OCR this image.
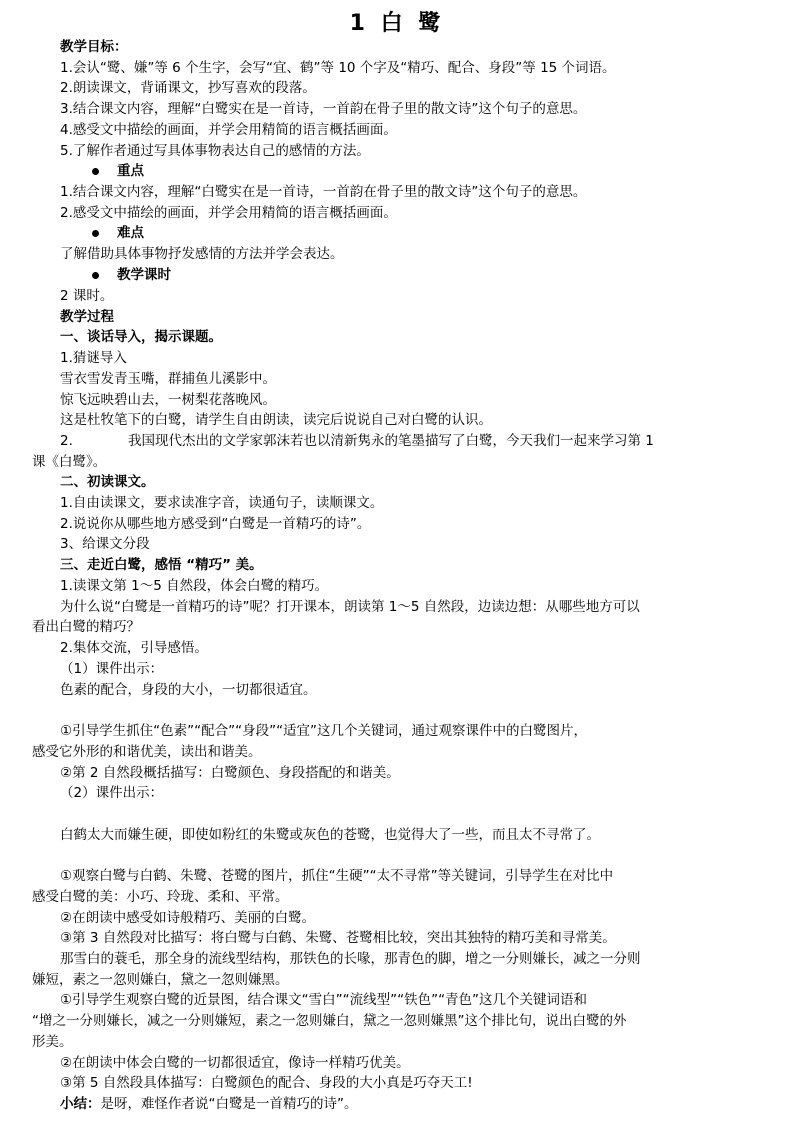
1 白 鹭
教学目标：
1.会认“鹭、嫌”等 6 个生字，会写“宜、鹤”等 10 个字及“精巧、配合、身段”等 15 个词语。
2.朗读课文，背诵课文，抄写喜欢的段落。
3.结合课文内容，理解“白鹭实在是一首诗，一首韵在骨子里的散文诗”这个句子的意思。
4.感受文中描绘的画面，并学会用精简的语言概括画面。
5.了解作者通过写具体事物表达自己的感情的方法。
重点
1.结合课文内容，理解“白鹭实在是一首诗，一首韵在骨子里的散文诗”这个句子的意思。
2.感受文中描绘的画面，并学会用精简的语言概括画面。
难点
了解借助具体事物抒发感情的方法并学会表达。
教学课时
2 课时。
教学过程
一、谈话导入，揭示课题。
1.猜谜导入
雪衣雪发青玉嘴，群捕鱼儿溪影中。
惊飞远映碧山去，一树梨花落晚风。
这是杜牧笔下的白鹭，请学生自由朗读，读完后说说自己对白鹭的认识。
2.	我国现代杰出的文学家郭沫若也以清新隽永的笔墨描写了白鹭，今天我们一起来学习第 1
课《白鹭》。
二、初读课文。
1.自由读课文，要求读准字音，读通句子，读顺课文。
2.说说你从哪些地方感受到“白鹭是一首精巧的诗”。
3、给课文分段
三、走近白鹭，感悟 “精巧” 美。
1.读课文第 1～5 自然段，体会白鹭的精巧。
为什么说“白鹭是一首精巧的诗”呢？打开课本，朗读第 1～5 自然段，边读边想：从哪些地方可以
看出白鹭的精巧？
2.集体交流，引导感悟。
（1）课件出示：
色素的配合，身段的大小，一切都很适宜。
①引导学生抓住“色素”“配合”“身段”“适宜”这几个关键词，通过观察课件中的白鹭图片，
感受它外形的和谐优美，读出和谐美。
②第 2 自然段概括描写：白鹭颜色、身段搭配的和谐美。
（2）课件出示：
白鹤太大而嫌生硬，即使如粉红的朱鹭或灰色的苍鹭，也觉得大了一些，而且太不寻常了。
①观察白鹭与白鹤、朱鹭、苍鹭的图片，抓住“生硬”“太不寻常”等关键词，引导学生在对比中
感受白鹭的美：小巧、玲珑、柔和、平常。
②在朗读中感受如诗般精巧、美丽的白鹭。
③第 3 自然段对比描写：将白鹭与白鹤、朱鹭、苍鹭相比较，突出其独特的精巧美和寻常美。
那雪白的蓑毛，那全身的流线型结构，那铁色的长喙，那青色的脚，增之一分则嫌长，减之一分则
嫌短，素之一忽则嫌白，黛之一忽则嫌黑。
①引导学生观察白鹭的近景图，结合课文“雪白”“流线型”“铁色”“青色”这几个关键词语和
“增之一分则嫌长，减之一分则嫌短，素之一忽则嫌白，黛之一忽则嫌黑”这个排比句，说出白鹭的外
形美。
②在朗读中体会白鹭的一切都很适宜，像诗一样精巧优美。
③第 5 自然段具体描写：白鹭颜色的配合、身段的大小真是巧夺天工!
小结：是呀，难怪作者说“白鹭是一首精巧的诗”。
